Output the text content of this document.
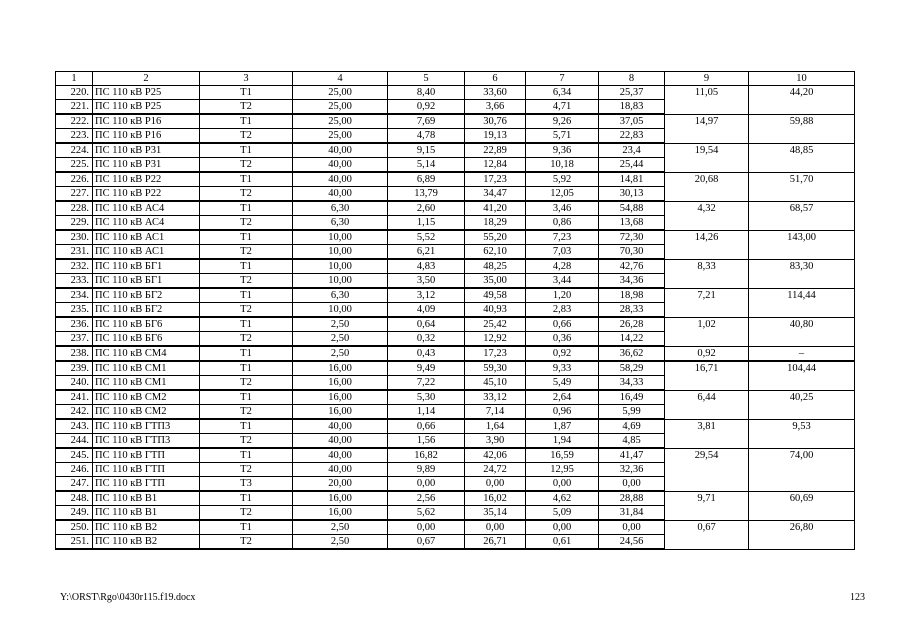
1	2	3	4	5	6	7	8	9	10
220.	ПС 110 кВ Р25	Т1	25,00	8,40	33,60	6,34	25,37	11,05	44,20
221.	ПС 110 кВ Р25	Т2	25,00	0,92	3,66	4,71	18,83		
222.	ПС 110 кВ Р16	Т1	25,00	7,69	30,76	9,26	37,05	14,97	59,88
223.	ПС 110 кВ Р16	Т2	25,00	4,78	19,13	5,71	22,83		
224.	ПС 110 кВ Р31	Т1	40,00	9,15	22,89	9,36	23,4	19,54	48,85
225.	ПС 110 кВ Р31	Т2	40,00	5,14	12,84	10,18	25,44		
226.	ПС 110 кВ Р22	Т1	40,00	6,89	17,23	5,92	14,81	20,68	51,70
227.	ПС 110 кВ Р22	Т2	40,00	13,79	34,47	12,05	30,13		
228.	ПС 110 кВ АС4	Т1	6,30	2,60	41,20	3,46	54,88	4,32	68,57
229.	ПС 110 кВ АС4	Т2	6,30	1,15	18,29	0,86	13,68		
230.	ПС 110 кВ АС1	Т1	10,00	5,52	55,20	7,23	72,30	14,26	143,00
231.	ПС 110 кВ АС1	Т2	10,00	6,21	62,10	7,03	70,30		
232.	ПС 110 кВ БГ1	Т1	10,00	4,83	48,25	4,28	42,76	8,33	83,30
233.	ПС 110 кВ БГ1	Т2	10,00	3,50	35,00	3,44	34,36		
234.	ПС 110 кВ БГ2	Т1	6,30	3,12	49,58	1,20	18,98	7,21	114,44
235.	ПС 110 кВ БГ2	Т2	10,00	4,09	40,93	2,83	28,33		
236.	ПС 110 кВ БГ6	Т1	2,50	0,64	25,42	0,66	26,28	1,02	40,80
237.	ПС 110 кВ БГ6	Т2	2,50	0,32	12,92	0,36	14,22		
238.	ПС 110 кВ СМ4	Т1	2,50	0,43	17,23	0,92	36,62	0,92	–
239.	ПС 110 кВ СМ1	Т1	16,00	9,49	59,30	9,33	58,29	16,71	104,44
240.	ПС 110 кВ СМ1	Т2	16,00	7,22	45,10	5,49	34,33		
241.	ПС 110 кВ СМ2	Т1	16,00	5,30	33,12	2,64	16,49	6,44	40,25
242.	ПС 110 кВ СМ2	Т2	16,00	1,14	7,14	0,96	5,99		
243.	ПС 110 кВ ГТП3	Т1	40,00	0,66	1,64	1,87	4,69	3,81	9,53
244.	ПС 110 кВ ГТП3	Т2	40,00	1,56	3,90	1,94	4,85		
245.	ПС 110 кВ ГТП	Т1	40,00	16,82	42,06	16,59	41,47	29,54	74,00
246.	ПС 110 кВ ГТП	Т2	40,00	9,89	24,72	12,95	32,36		
247.	ПС 110 кВ ГТП	Т3	20,00	0,00	0,00	0,00	0,00		
248.	ПС 110 кВ В1	Т1	16,00	2,56	16,02	4,62	28,88	9,71	60,69
249.	ПС 110 кВ В1	Т2	16,00	5,62	35,14	5,09	31,84		
250.	ПС 110 кВ В2	Т1	2,50	0,00	0,00	0,00	0,00	0,67	26,80
251.	ПС 110 кВ В2	Т2	2,50	0,67	26,71	0,61	24,56		
Y:\ORST\Rgo\0430r115.f19.docx	123
